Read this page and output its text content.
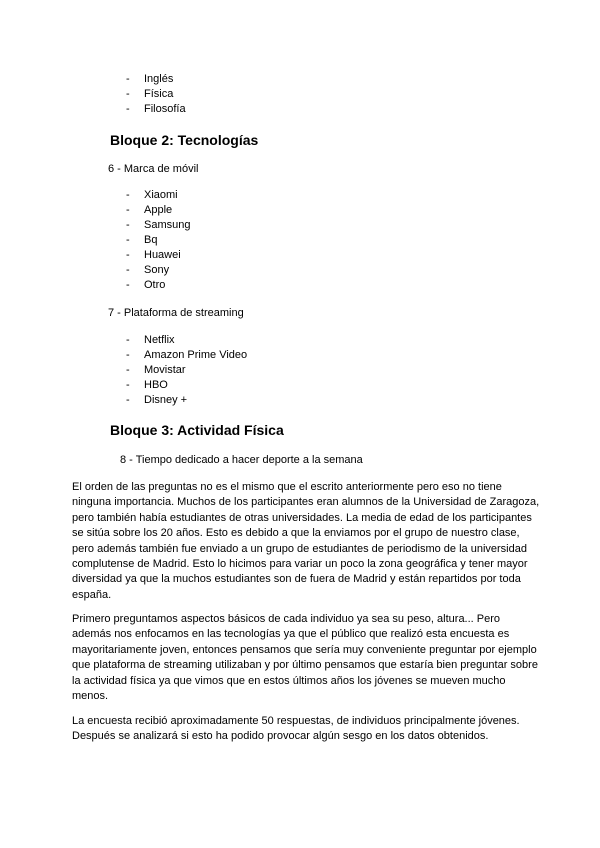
- Inglés
- Física
- Filosofía
Bloque 2: Tecnologías

6 - Marca de móvil

- Xiaomi
- Apple
- Samsung
- Bq
- Huawei
- Sony
- Otro

7 - Plataforma de streaming

- Netflix
- Amazon Prime Video
- Movistar
- HBO
- Disney +
Bloque 3: Actividad Física

8 - Tiempo dedicado a hacer deporte a la semana

El orden de las preguntas no es el mismo que el escrito anteriormente pero eso no tiene ninguna importancia. Muchos de los participantes eran alumnos de la Universidad de Zaragoza, pero también había estudiantes de otras universidades. La media de edad de los participantes se sitúa sobre los 20 años. Esto es debido a que la enviamos por el grupo de nuestro clase, pero además también fue enviado a un grupo de estudiantes de periodismo de la universidad complutense de Madrid. Esto lo hicimos para variar un poco la zona geográfica y tener mayor diversidad ya que la muchos estudiantes son de fuera de Madrid y están repartidos por toda españa.

Primero preguntamos aspectos básicos de cada individuo ya sea su peso, altura... Pero además nos enfocamos en las tecnologías ya que el público que realizó esta encuesta es mayoritariamente joven, entonces pensamos que sería muy conveniente preguntar por ejemplo que plataforma de streaming utilizaban y por último pensamos que estaría bien preguntar sobre la actividad física ya que vimos que en estos últimos años los jóvenes se mueven mucho menos.

La encuesta recibió aproximadamente 50 respuestas, de individuos principalmente jóvenes. Después se analizará si esto ha podido provocar algún sesgo en los datos obtenidos.
